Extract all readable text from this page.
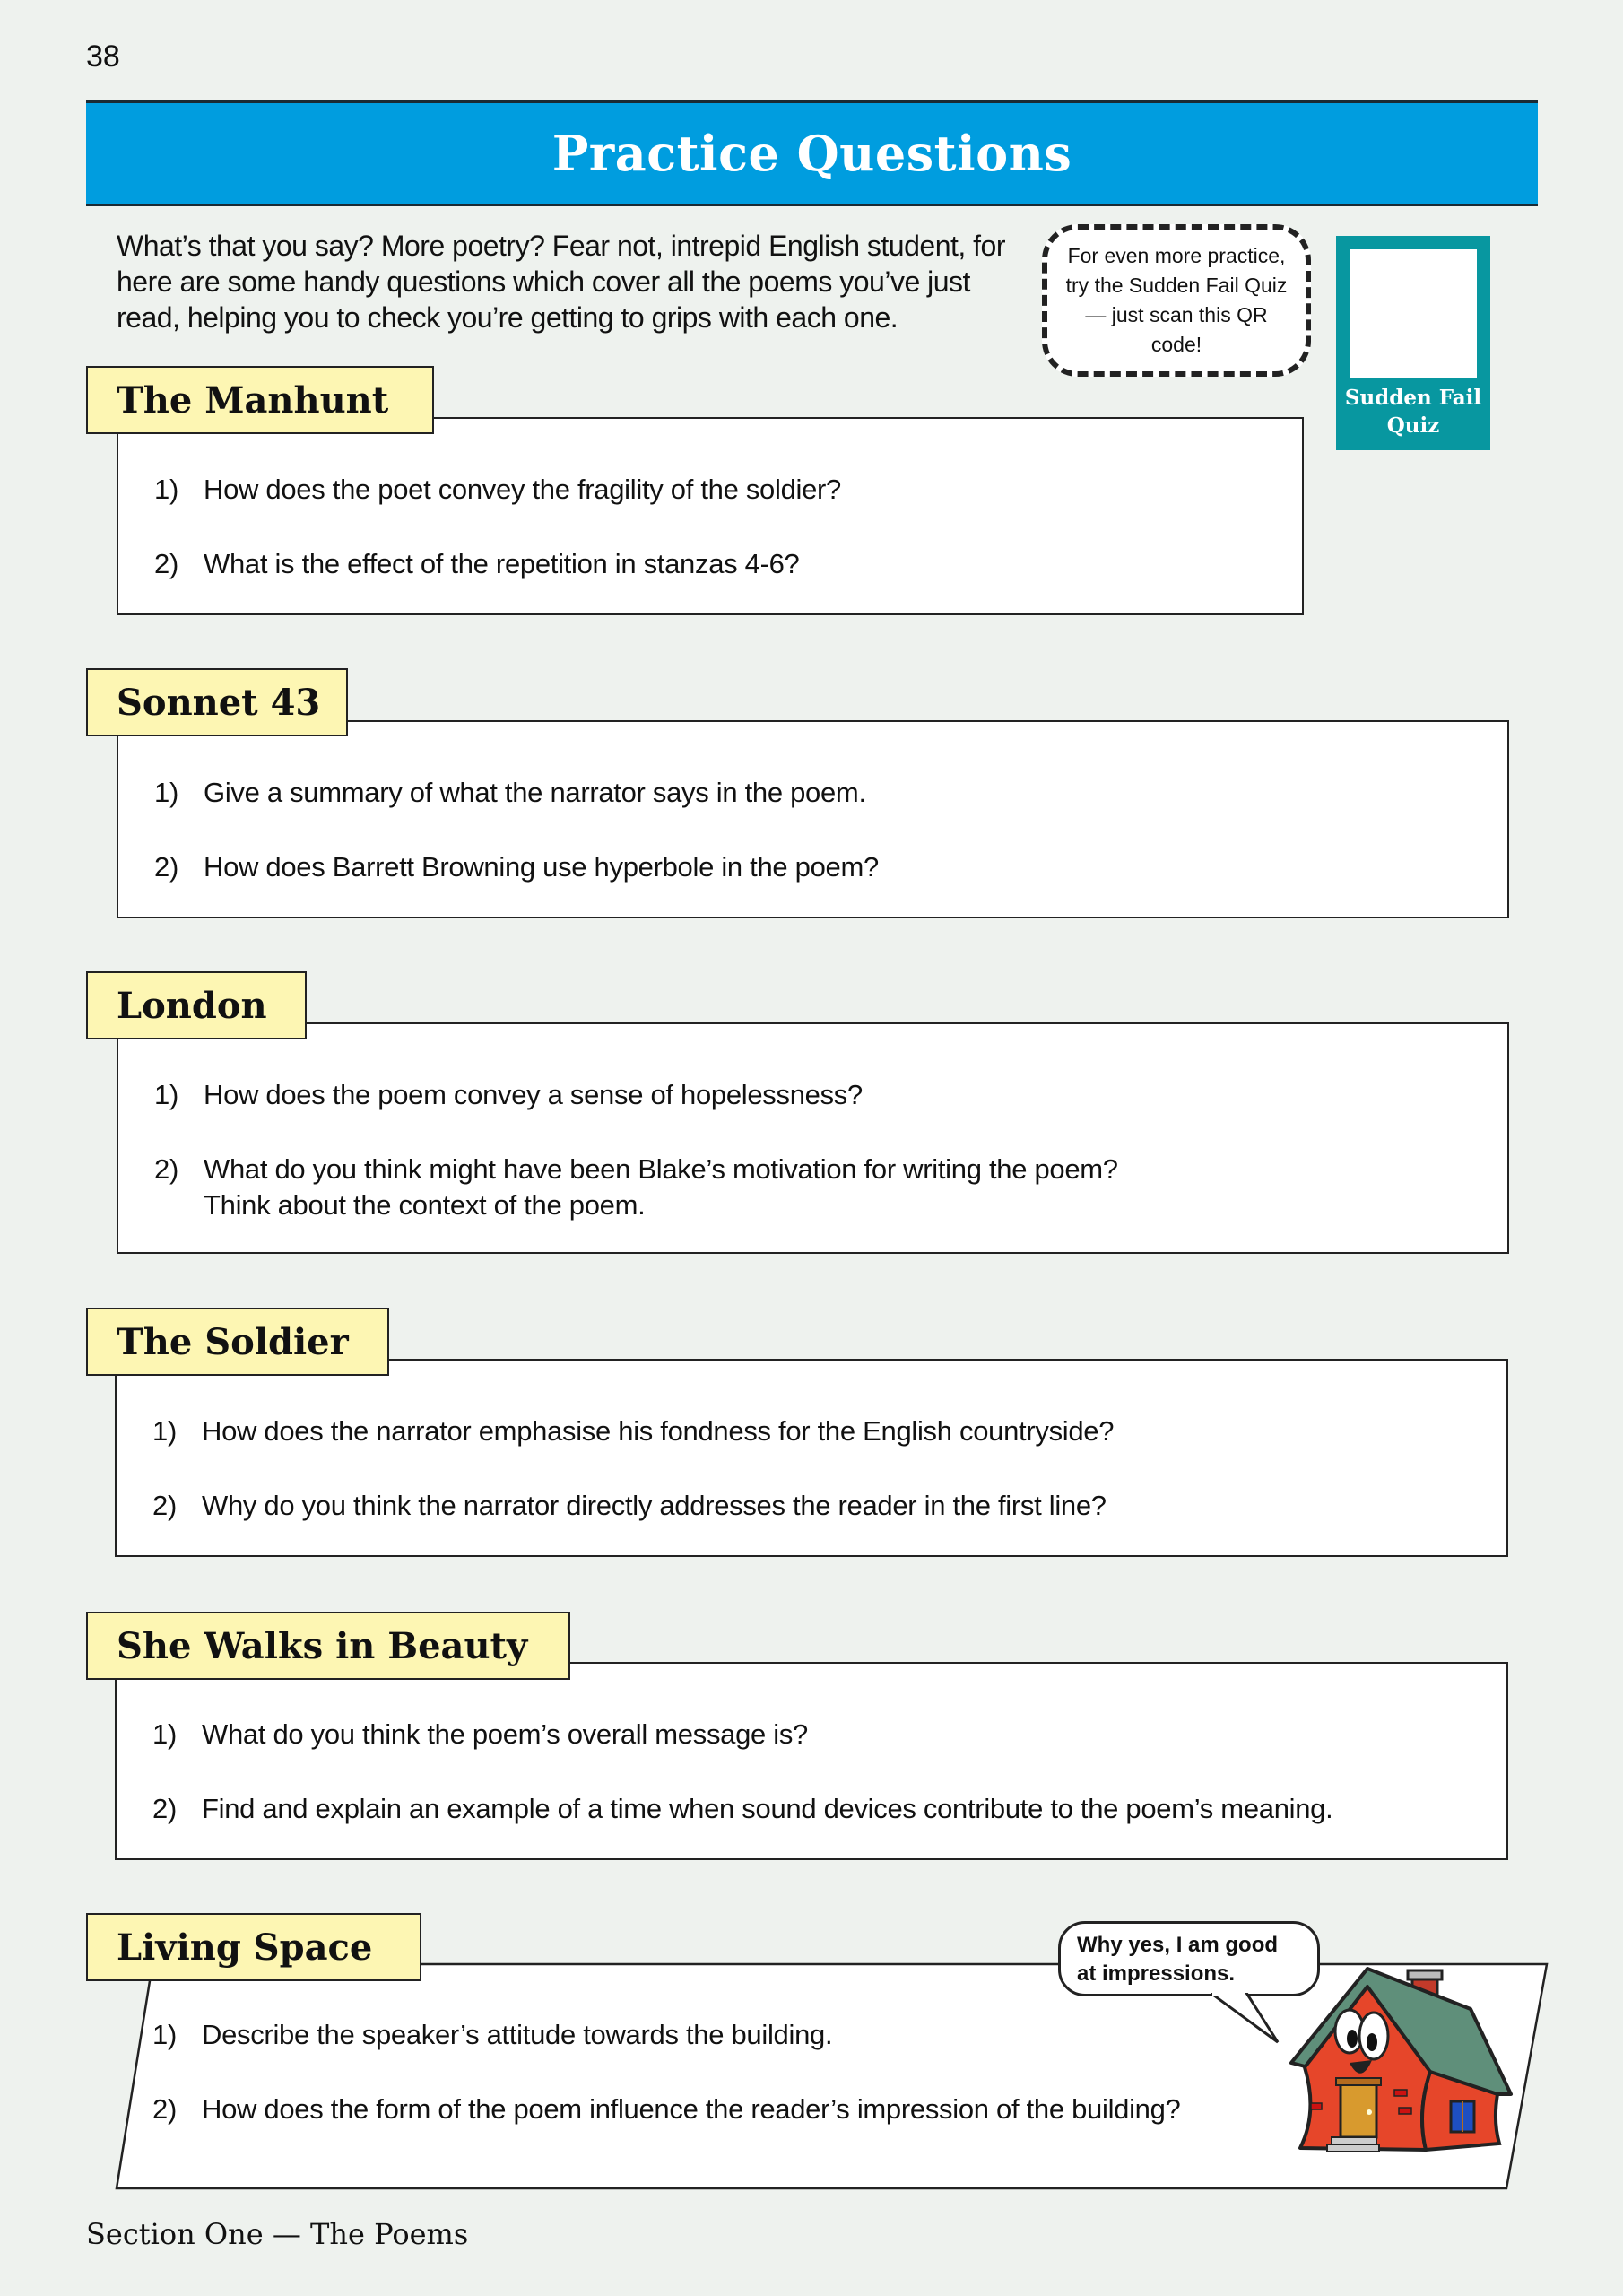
38
Practice Questions
What’s that you say? More poetry? Fear not, intrepid English student, for here are some handy questions which cover all the poems you’ve just read, helping you to check you’re getting to grips with each one.
For even more practice, try the Sudden Fail Quiz — just scan this QR code!
Sudden Fail Quiz
The Manhunt
1) How does the poet convey the fragility of the soldier?
2) What is the effect of the repetition in stanzas 4-6?
Sonnet 43
1) Give a summary of what the narrator says in the poem.
2) How does Barrett Browning use hyperbole in the poem?
London
1) How does the poem convey a sense of hopelessness?
2) What do you think might have been Blake’s motivation for writing the poem?
Think about the context of the poem.
The Soldier
1) How does the narrator emphasise his fondness for the English countryside?
2) Why do you think the narrator directly addresses the reader in the first line?
She Walks in Beauty
1) What do you think the poem’s overall message is?
2) Find and explain an example of a time when sound devices contribute to the poem’s meaning.
Living Space
1) Describe the speaker’s attitude towards the building.
2) How does the form of the poem influence the reader’s impression of the building?
Why yes, I am good at impressions.
Section One — The Poems
